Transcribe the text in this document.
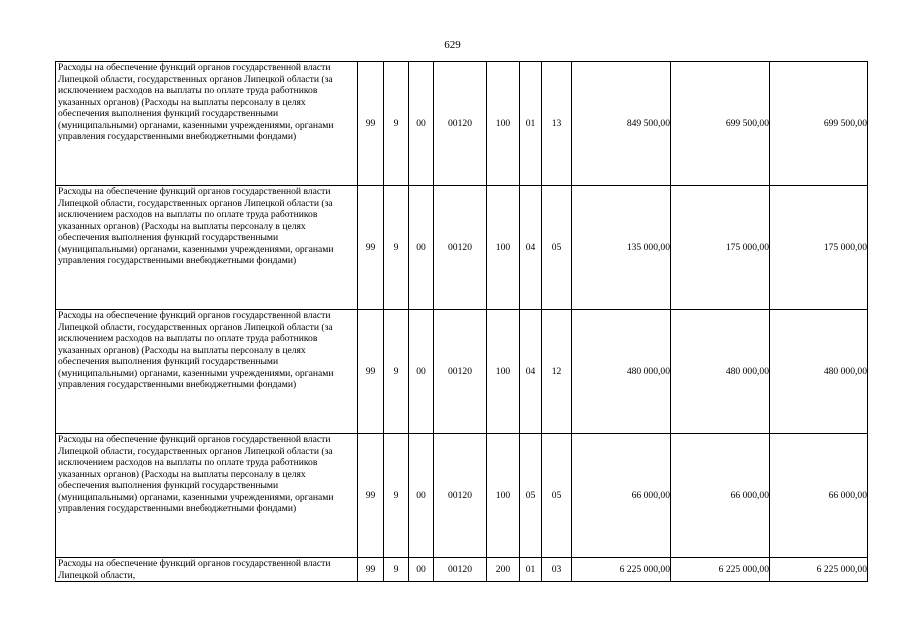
629
Расходы на обеспечение функций органов государственной власти Липецкой области, государственных органов Липецкой области (за исключением расходов на выплаты по оплате труда работников указанных органов) (Расходы на выплаты персоналу в целях обеспечения выполнения функций государственными (муниципальными) органами, казенными учреждениями, органами управления государственными внебюджетными фондами)	99	9	00	00120	100	01	13	849 500,00	699 500,00	699 500,00
Расходы на обеспечение функций органов государственной власти Липецкой области, государственных органов Липецкой области (за исключением расходов на выплаты по оплате труда работников указанных органов) (Расходы на выплаты персоналу в целях обеспечения выполнения функций государственными (муниципальными) органами, казенными учреждениями, органами управления государственными внебюджетными фондами)	99	9	00	00120	100	04	05	135 000,00	175 000,00	175 000,00
Расходы на обеспечение функций органов государственной власти Липецкой области, государственных органов Липецкой области (за исключением расходов на выплаты по оплате труда работников указанных органов) (Расходы на выплаты персоналу в целях обеспечения выполнения функций государственными (муниципальными) органами, казенными учреждениями, органами управления государственными внебюджетными фондами)	99	9	00	00120	100	04	12	480 000,00	480 000,00	480 000,00
Расходы на обеспечение функций органов государственной власти Липецкой области, государственных органов Липецкой области (за исключением расходов на выплаты по оплате труда работников указанных органов) (Расходы на выплаты персоналу в целях обеспечения выполнения функций государственными (муниципальными) органами, казенными учреждениями, органами управления государственными внебюджетными фондами)	99	9	00	00120	100	05	05	66 000,00	66 000,00	66 000,00
Расходы на обеспечение функций органов государственной власти Липецкой области,	99	9	00	00120	200	01	03	6 225 000,00	6 225 000,00	6 225 000,00
